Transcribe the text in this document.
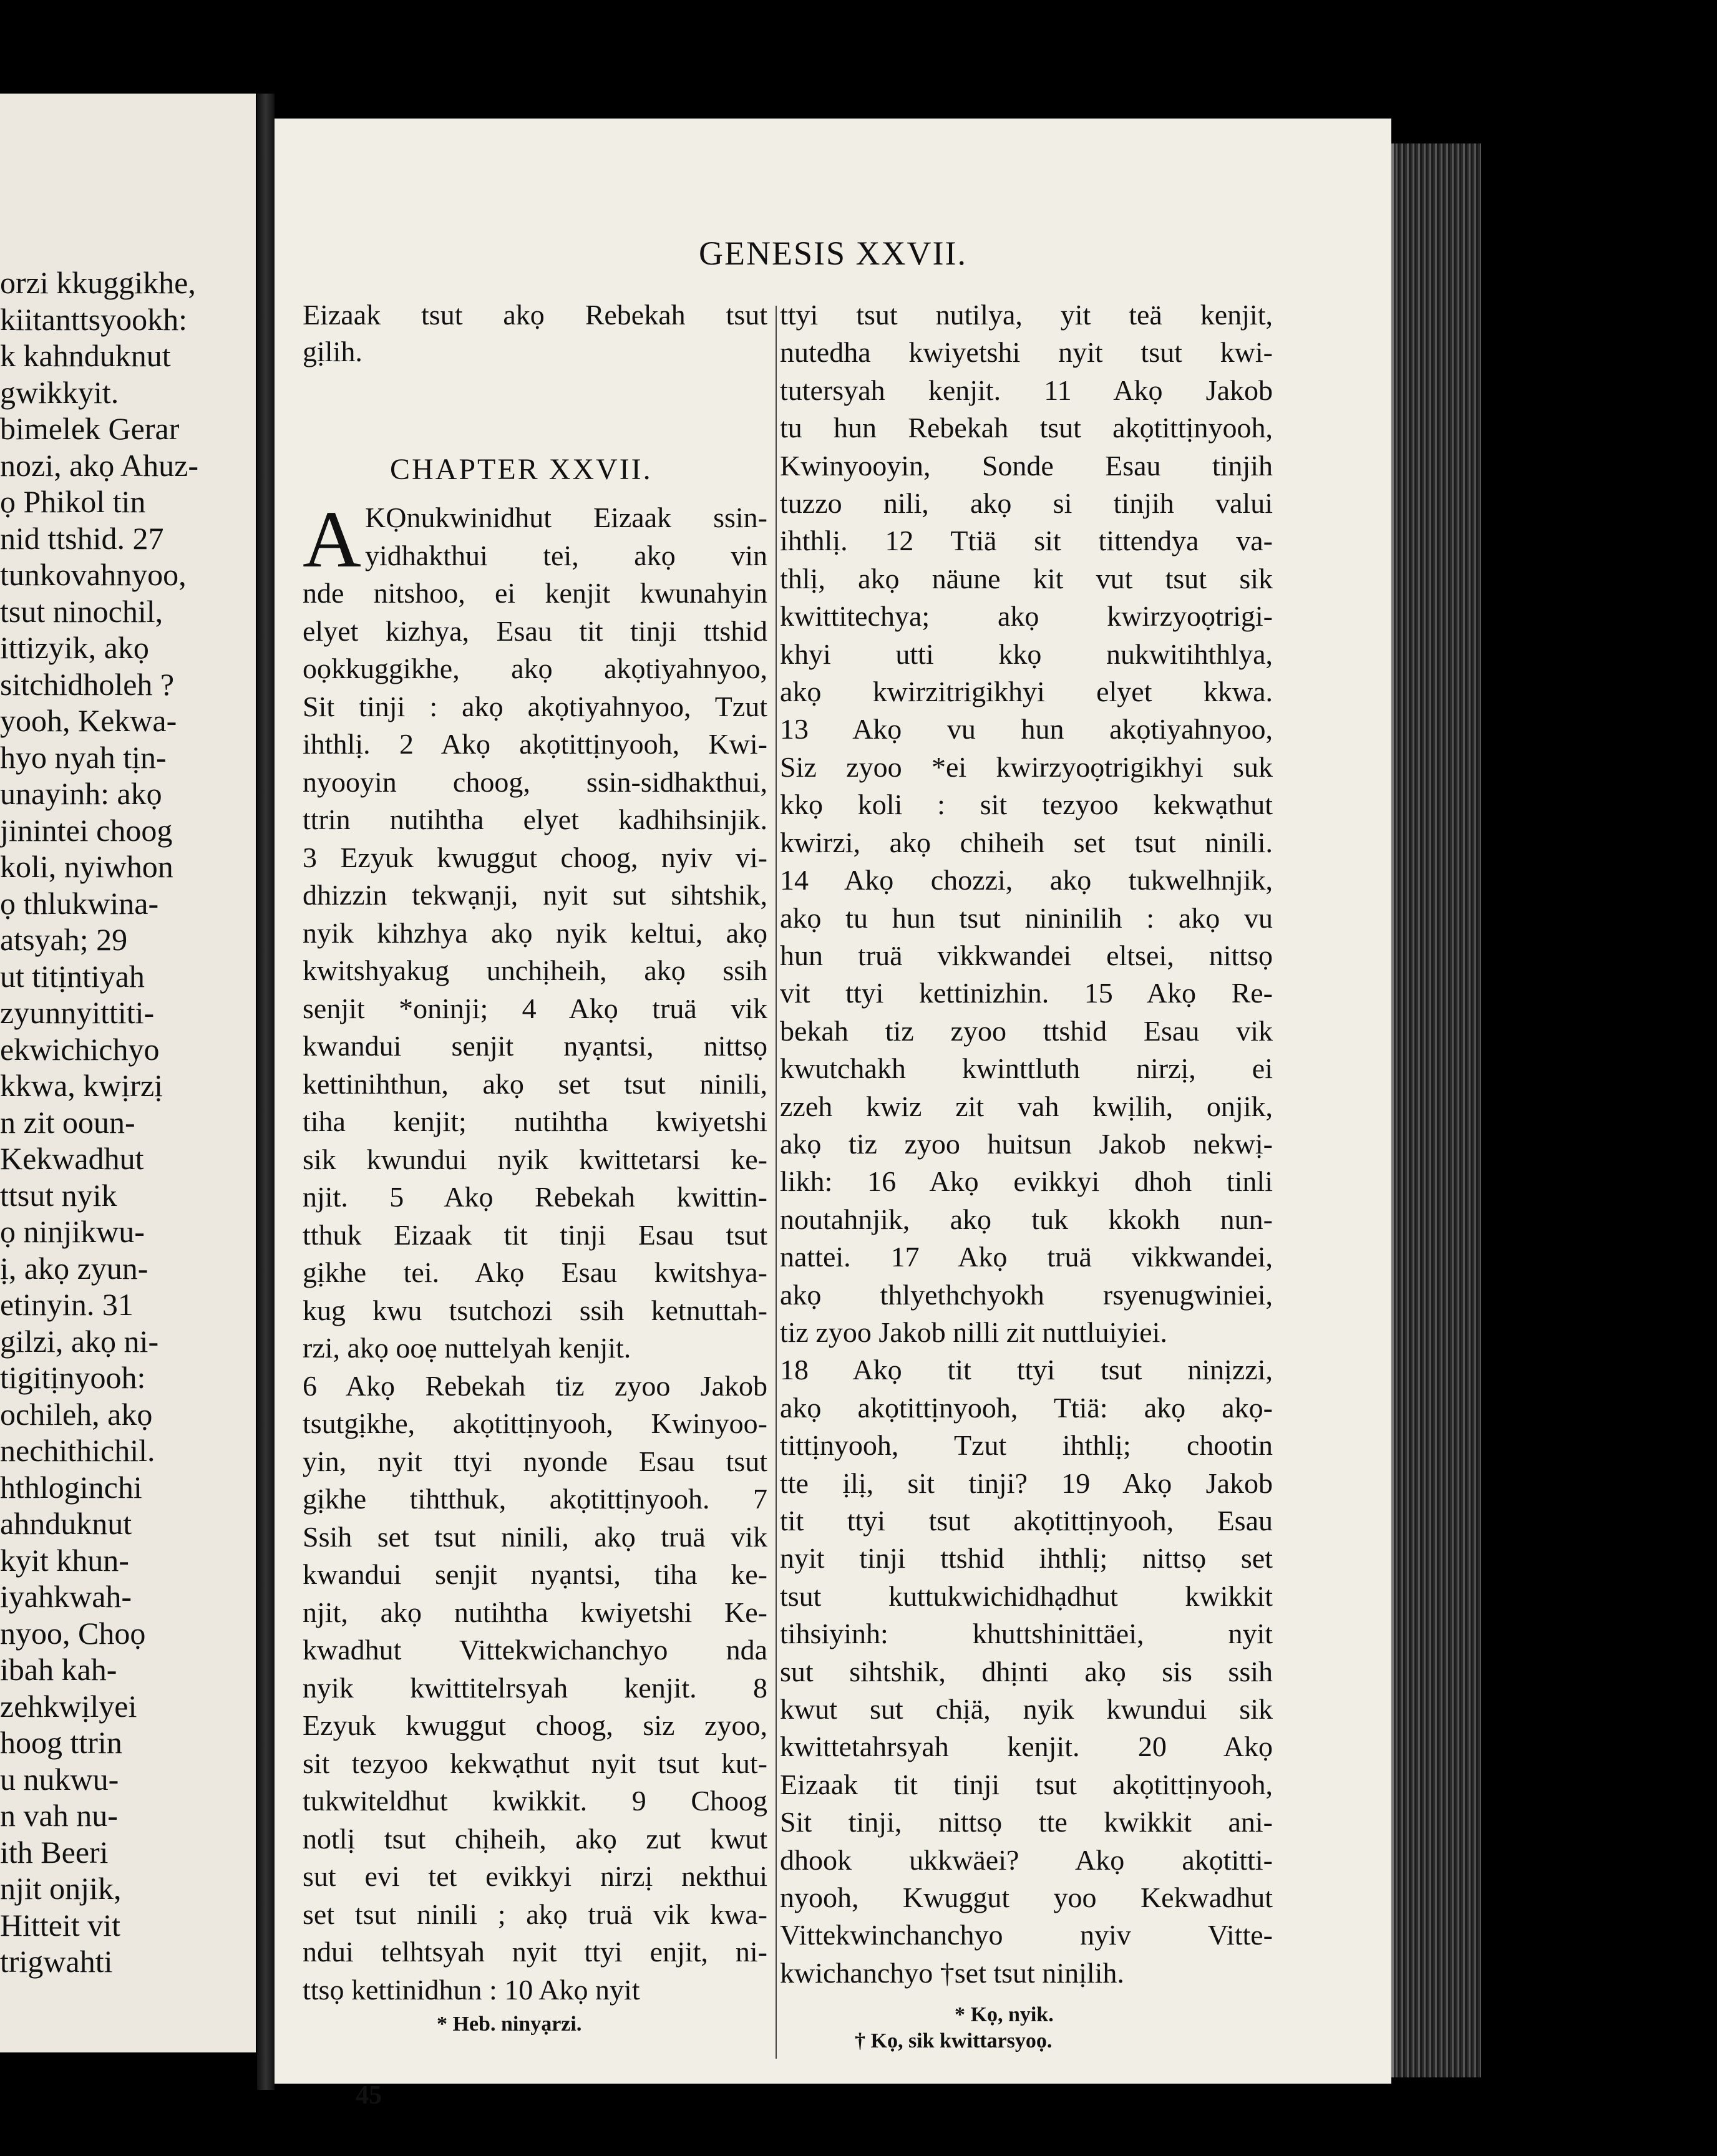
orzi kkuggikhe,
kiitanttsyookh:
k kahnduknut
gwikkyit.
bimelek Gerar
nozi, akọ Ahuz-
ọ Phikol tin
nid ttshid. 27
tunkovahnyoo,
tsut ninochil,
ittizyik, akọ
sitchidholeh ?
yooh, Kekwa-
hyo nyah tịn-
unayinh: akọ
jinintei choog
koli, nyiwhon
ọ thlukwina-
atsyah; 29
ut titịntiyah
zyunnyittiti-
ekwichichyo
kkwa, kwịrzị
n zit ooun-
Kekwadhut
ttsut nyik
ọ ninjikwu-
ị, akọ zyun-
etinyin. 31
gilzi, akọ ni-
tigitịnyooh:
ochileh, akọ
nechithichil.
hthloginchi
ahnduknut
kyit khun-
iyahkwah-
nyoo, Choọ
ibah kah-
zehkwịlyei
hoog ttrin
u nukwu-
n vah nu-
ith Beeri
njit onjik,
Hitteit vit
trigwahti
GENESIS XXVII.
Eizaak tsut akọ Rebekah tsut
gịlih.
CHAPTER XXVII.
A KỌnukwinidhut Eizaak ssin-
yidhakthui tei, akọ vin
nde nitshoo, ei kenjit kwunahyin
elyet kizhya, Esau tit tinji ttshid
oọkkuggikhe, akọ akọtiyahnyoo,
Sit tinji : akọ akọtiyahnyoo, Tzut
ihthlị. 2 Akọ akọtittịnyooh, Kwi-
nyooyin choog, ssin-sidhakthui,
ttrin nutihtha elyet kadhihsinjik.
3 Ezyuk kwuggut choog, nyiv vi-
dhizzin tekwạnji, nyit sut sihtshik,
nyik kihzhya akọ nyik keltui, akọ
kwitshyakug unchịheih, akọ ssih
senjit *oninji; 4 Akọ truä vik
kwandui senjit nyạntsi, nittsọ
kettinihthun, akọ set tsut ninili,
tiha kenjit; nutihtha kwiyetshi
sik kwundui nyik kwittetarsi ke-
njit. 5 Akọ Rebekah kwittin-
tthuk Eizaak tit tinji Esau tsut
gịkhe tei. Akọ Esau kwitshya-
kug kwu tsutchozi ssih ketnuttah-
rzi, akọ ooẹ nuttelyah kenjit.
6 Akọ Rebekah tiz zyoo Jakob
tsutgịkhe, akọtittịnyooh, Kwinyoo-
yin, nyit ttyi nyonde Esau tsut
gịkhe tihtthuk, akọtittịnyooh. 7
Ssih set tsut ninili, akọ truä vik
kwandui senjit nyạntsi, tiha ke-
njit, akọ nutihtha kwiyetshi Ke-
kwadhut Vittekwichanchyo nda
nyik kwittitelrsyah kenjit. 8
Ezyuk kwuggut choog, siz zyoo,
sit tezyoo kekwạthut nyit tsut kut-
tukwiteldhut kwikkit. 9 Choog
notlị tsut chịheih, akọ zut kwut
sut evi tet evikkyi nirzị nekthui
set tsut ninili ; akọ truä vik kwa-
ndui telhtsyah nyit ttyi enjit, ni-
ttsọ kettinidhun : 10 Akọ nyit
* Heb. ninyạrzi.
ttyi tsut nutilya, yit teä kenjit,
nutedha kwiyetshi nyit tsut kwi-
tutersyah kenjit. 11 Akọ Jakob
tu hun Rebekah tsut akọtittịnyooh,
Kwinyooyin, Sonde Esau tinjih
tuzzo nili, akọ si tinjih valui
ihthlị. 12 Ttiä sit tittendya va-
thlị, akọ näune kit vut tsut sik
kwittitechya; akọ kwirzyoọtrigi-
khyi utti kkọ nukwitihthlya,
akọ kwirzitrigikhyi elyet kkwa.
13 Akọ vu hun akọtiyahnyoo,
Siz zyoo *ei kwirzyoọtrigikhyi suk
kkọ koli : sit tezyoo kekwạthut
kwirzi, akọ chiheih set tsut ninili.
14 Akọ chozzi, akọ tukwelhnjik,
akọ tu hun tsut nininilih : akọ vu
hun truä vikkwandei eltsei, nittsọ
vit ttyi kettinizhin. 15 Akọ Re-
bekah tiz zyoo ttshid Esau vik
kwutchakh kwinttluth nirzị, ei
zzeh kwiz zit vah kwịlih, onjik,
akọ tiz zyoo huitsun Jakob nekwị-
likh: 16 Akọ evikkyi dhoh tinli
noutahnjik, akọ tuk kkokh nun-
nattei. 17 Akọ truä vikkwandei,
akọ thlyethchyokh rsyenugwiniei,
tiz zyoo Jakob nilli zit nuttluiyiei.
18 Akọ tit ttyi tsut ninịzzi,
akọ akọtittịnyooh, Ttiä: akọ akọ-
tittịnyooh, Tzut ihthlị; chootin
tte ịlị, sit tinji? 19 Akọ Jakob
tit ttyi tsut akọtittịnyooh, Esau
nyit tinji ttshid ihthlị; nittsọ set
tsut kuttukwichidhạdhut kwikkit
tihsiyinh: khuttshinittäei, nyit
sut sihtshik, dhịnti akọ sis ssih
kwut sut chịä, nyik kwundui sik
kwittetahrsyah kenjit. 20 Akọ
Eizaak tit tinji tsut akọtittịnyooh,
Sit tinji, nittsọ tte kwikkit ani-
dhook ukkwäei? Akọ akọtitti-
nyooh, Kwuggut yoo Kekwadhut
Vittekwinchanchyo nyiv Vitte-
kwichanchyo †set tsut ninịlih.
* Kọ, nyik.
† Kọ, sik kwittarsyoọ.
45
